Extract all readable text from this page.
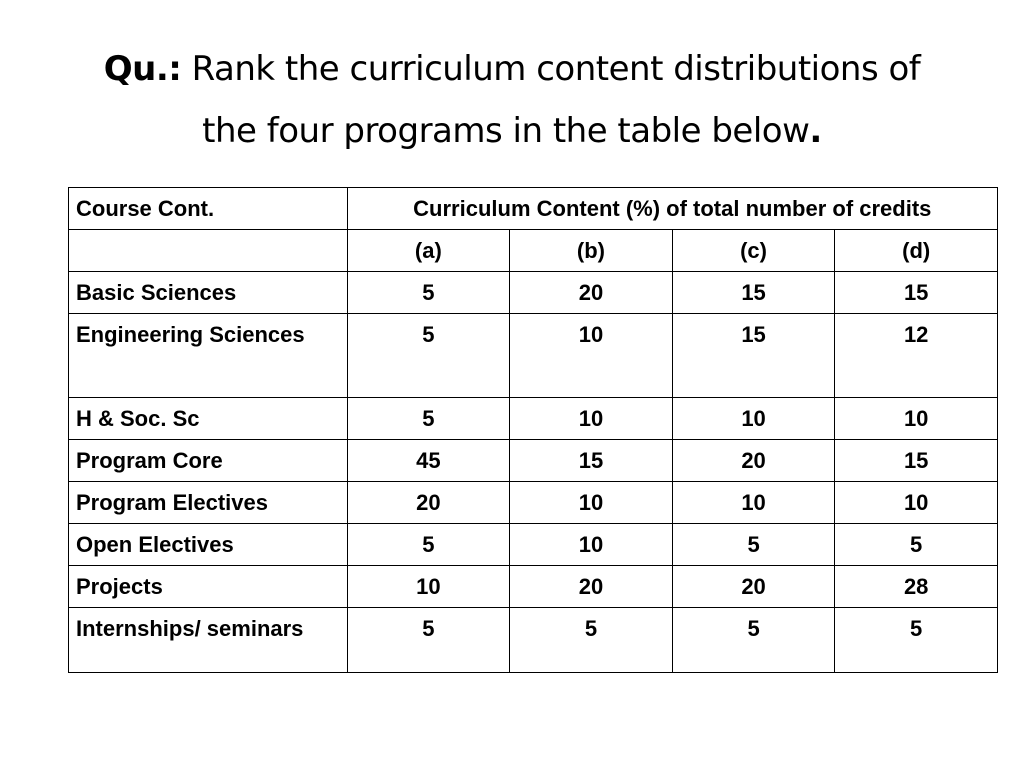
Qu.: Rank the curriculum content distributions of
the four programs in the table below.
Course Cont.	Curriculum Content (%) of total number of credits			
	(a)	(b)	(c)	(d)
Basic Sciences	5	20	15	15
Engineering Sciences	5	10	15	12
H & Soc. Sc	5	10	10	10
Program Core	45	15	20	15
Program Electives	20	10	10	10
Open Electives	5	10	5	5
Projects	10	20	20	28
Internships/ seminars	5	5	5	5
